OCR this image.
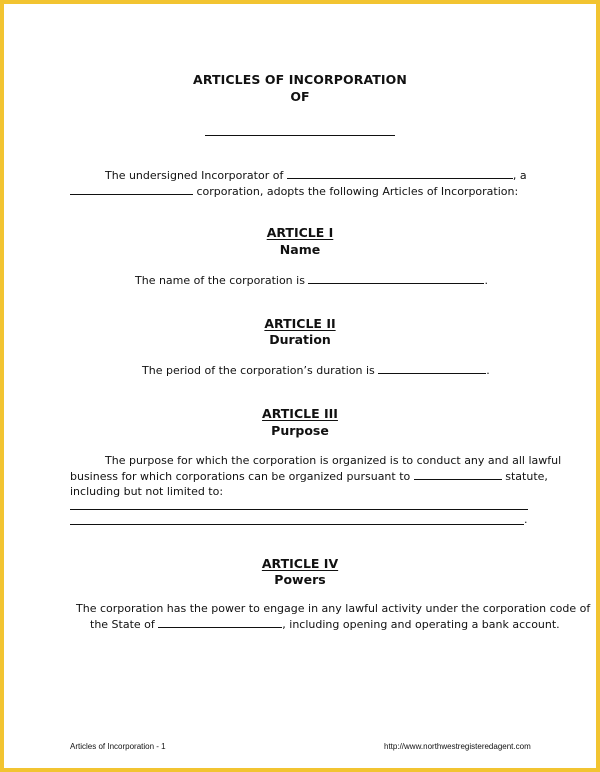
ARTICLES OF INCORPORATION
OF
The undersigned Incorporator of	, a
corporation, adopts the following Articles of Incorporation:
ARTICLE I
Name
The name of the corporation is	.
ARTICLE II
Duration
The period of the corporation’s duration is	.
ARTICLE III
Purpose
The purpose for which the corporation is organized is to conduct any and all lawful
business for which corporations can be organized pursuant to	statute,
including but not limited to:
.
ARTICLE IV
Powers
The corporation has the power to engage in any lawful activity under the corporation code of
the State of	, including opening and operating a bank account.
Articles of Incorporation - 1	http://www.northwestregisteredagent.com
